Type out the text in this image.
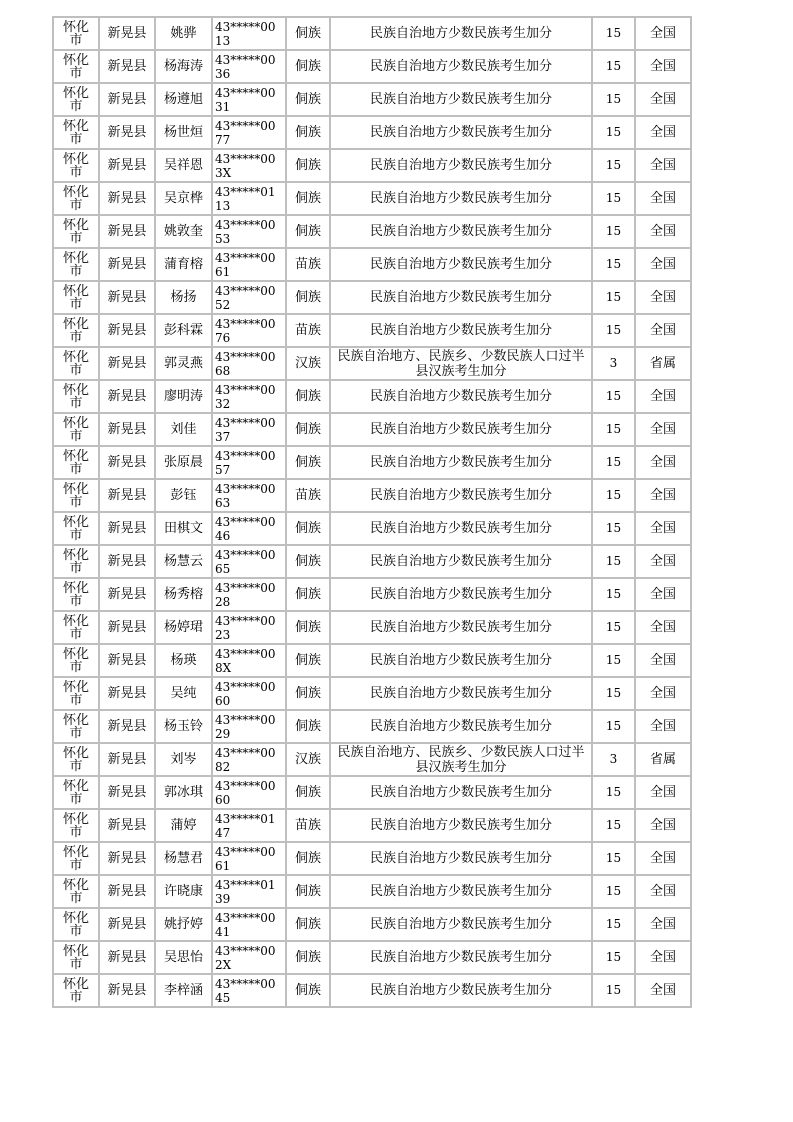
怀化市	新晃县	姚骅	43*****0013	侗族	民族自治地方少数民族考生加分	15	全国
怀化市	新晃县	杨海涛	43*****0036	侗族	民族自治地方少数民族考生加分	15	全国
怀化市	新晃县	杨遵旭	43*****0031	侗族	民族自治地方少数民族考生加分	15	全国
怀化市	新晃县	杨世烜	43*****0077	侗族	民族自治地方少数民族考生加分	15	全国
怀化市	新晃县	吴祥恩	43*****003X	侗族	民族自治地方少数民族考生加分	15	全国
怀化市	新晃县	吴京桦	43*****0113	侗族	民族自治地方少数民族考生加分	15	全国
怀化市	新晃县	姚敦奎	43*****0053	侗族	民族自治地方少数民族考生加分	15	全国
怀化市	新晃县	蒲育榕	43*****0061	苗族	民族自治地方少数民族考生加分	15	全国
怀化市	新晃县	杨扬	43*****0052	侗族	民族自治地方少数民族考生加分	15	全国
怀化市	新晃县	彭科霖	43*****0076	苗族	民族自治地方少数民族考生加分	15	全国
怀化市	新晃县	郭灵燕	43*****0068	汉族	民族自治地方、民族乡、少数民族人口过半县汉族考生加分	3	省属
怀化市	新晃县	廖明涛	43*****0032	侗族	民族自治地方少数民族考生加分	15	全国
怀化市	新晃县	刘佳	43*****0037	侗族	民族自治地方少数民族考生加分	15	全国
怀化市	新晃县	张原晨	43*****0057	侗族	民族自治地方少数民族考生加分	15	全国
怀化市	新晃县	彭钰	43*****0063	苗族	民族自治地方少数民族考生加分	15	全国
怀化市	新晃县	田棋文	43*****0046	侗族	民族自治地方少数民族考生加分	15	全国
怀化市	新晃县	杨慧云	43*****0065	侗族	民族自治地方少数民族考生加分	15	全国
怀化市	新晃县	杨秀榕	43*****0028	侗族	民族自治地方少数民族考生加分	15	全国
怀化市	新晃县	杨婷珺	43*****0023	侗族	民族自治地方少数民族考生加分	15	全国
怀化市	新晃县	杨瑛	43*****008X	侗族	民族自治地方少数民族考生加分	15	全国
怀化市	新晃县	吴纯	43*****0060	侗族	民族自治地方少数民族考生加分	15	全国
怀化市	新晃县	杨玉铃	43*****0029	侗族	民族自治地方少数民族考生加分	15	全国
怀化市	新晃县	刘岑	43*****0082	汉族	民族自治地方、民族乡、少数民族人口过半县汉族考生加分	3	省属
怀化市	新晃县	郭冰琪	43*****0060	侗族	民族自治地方少数民族考生加分	15	全国
怀化市	新晃县	蒲婷	43*****0147	苗族	民族自治地方少数民族考生加分	15	全国
怀化市	新晃县	杨慧君	43*****0061	侗族	民族自治地方少数民族考生加分	15	全国
怀化市	新晃县	许晓康	43*****0139	侗族	民族自治地方少数民族考生加分	15	全国
怀化市	新晃县	姚抒婷	43*****0041	侗族	民族自治地方少数民族考生加分	15	全国
怀化市	新晃县	吴思怡	43*****002X	侗族	民族自治地方少数民族考生加分	15	全国
怀化市	新晃县	李梓涵	43*****0045	侗族	民族自治地方少数民族考生加分	15	全国
